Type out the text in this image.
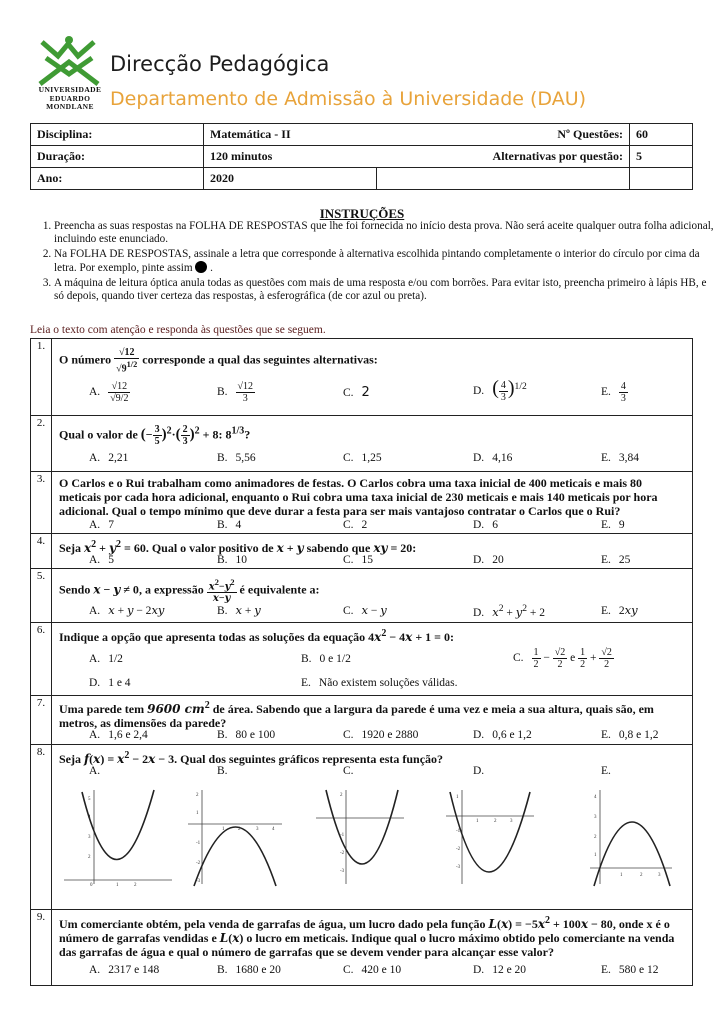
UNIVERSIDADE
EDUARDO
MONDLANE
Direcção Pedagógica
Departamento de Admissão à Universidade (DAU)
Disciplina:	Matemática - II	Nº Questões:	60
Duração:	120 minutos	Alternativas por questão:	5
Ano:	2020		
INSTRUÇÕES
1. Preencha as suas respostas na FOLHA DE RESPOSTAS que lhe foi fornecida no início desta prova. Não será aceite qualquer outra folha adicional, incluindo este enunciado.
2. Na FOLHA DE RESPOSTAS, assinale a letra que corresponde à alternativa escolhida pintando completamente o interior do círculo por cima da letra. Por exemplo, pinte assim  .
3. A máquina de leitura óptica anula todas as questões com mais de uma resposta e/ou com borrões. Para evitar isto, preencha primeiro à lápis HB, e só depois, quando tiver certeza das respostas, à esferográfica (de cor azul ou preta).
Leia o texto com atenção e responda às questões que se seguem.
1.
O número $\frac{√12}{√9^{1/2}}$ corresponde a qual das seguintes alternativas:
A. $\frac{√12}{√9/2}$	B. $\frac{√12}{3}$	C. 2	D. ( $\frac{4}{3} )^{1/2}$	E. $\frac{4}{3}$
2.
Qual o valor de (− $\frac{3}{5} )^2\cdot( \frac{2}{3} )^2 + 8$: $8^{1/3}$?
A. 2,21	B. 5,56	C. 1,25	D. 4,16	E. 3,84
3.	O Carlos e o Rui trabalham como animadores de festas. O Carlos cobra uma taxa inicial de 400 meticais e mais 80 meticais por cada hora adicional, enquanto o Rui cobra uma taxa inicial de 230 meticais e mais 140 meticais por hora adicional. Qual o tempo mínimo que deve durar a festa para ser mais vantajoso contratar o Carlos que o Rui?
A. 7	B. 4	C. 2	D. 6	E. 9
4.	Seja $x^2 + y^2 = 60$. Qual o valor positivo de x + y sabendo que xy = 20:
A. 5	B. 10	C. 15	D. 20	E. 25
5.
Sendo x − y ≠ 0, a expressão $\frac{x^2-y^2}{x-y}$ é equivalente a:
A. x + y − 2xy	B. x + y	C. x − y	D. $x^2 + y^2 + 2$	E. 2xy
6.	Indique a opção que apresenta todas as soluções da equação $4x^2 - 4x + 1 = 0$:
A. 1/2	B. 0 e 1/2	C. $\frac{1}{2} - \frac{√2}{2}$ e $\frac{1}{2} + \frac{√2}{2}$
D. 1 e 4	E. Não existem soluções válidas.
7.	Uma parede tem 9600 $cm^2$ de área. Sabendo que a largura da parede é uma vez e meia a sua altura, quais são, em metros, as dimensões da parede?
A. 1,6 e 2,4	B. 80 e 100	C. 1920 e 2880	D. 0,6 e 1,2	E. 0,8 e 1,2
8.	Seja $f(x) = x^2 - 2x - 3$. Qual dos seguintes gráficos representa esta função?
A.	B.	C.	D.	E.
0	1	2
5
4
3
2
2
1
-1
-2
-3
1	2	3	4
2
-1
-2
-3
1
-1
-2
-3
1	2	3
4
3
2
1
1	2	3
9.	Um comerciante obtém, pela venda de garrafas de água, um lucro dado pela função $L(x) = -5x^2 + 100x - 80$, onde x é o número de garrafas vendidas e L(x) o lucro em meticais. Indique qual o lucro máximo obtido pelo comerciante na venda das garrafas de água e qual o número de garrafas que se devem vender para alcançar esse valor?
A. 2317 e 148	B. 1680 e 20	C. 420 e 10	D. 12 e 20	E. 580 e 12
